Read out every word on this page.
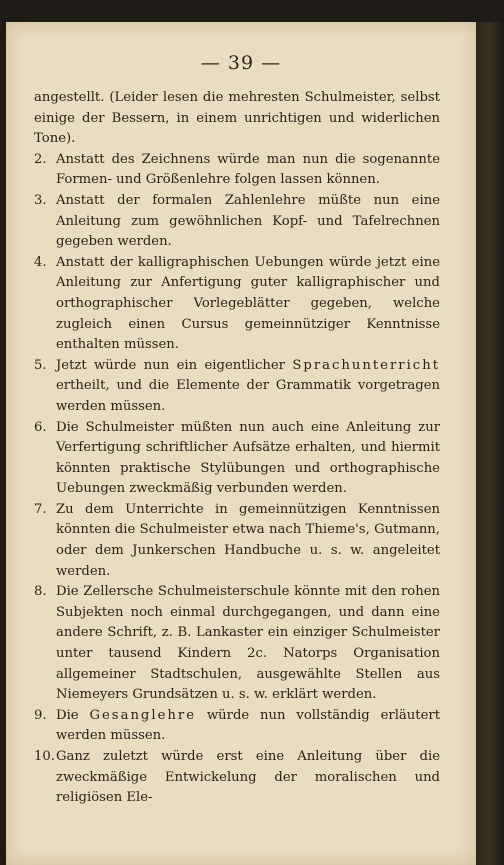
— 39 —

angestellt. (Leider lesen die mehresten Schulmeister, selbst einige der Bessern, in einem unrichtigen und widerlichen Tone).

2. Anstatt des Zeichnens würde man nun die sogenannte Formen- und Größenlehre folgen lassen können.

3. Anstatt der formalen Zahlenlehre müßte nun eine Anleitung zum gewöhnlichen Kopf- und Tafelrechnen gegeben werden.

4. Anstatt der kalligraphischen Uebungen würde jetzt eine Anleitung zur Anfertigung guter kalligraphischer und orthographischer Vorlegeblätter gegeben, welche zugleich einen Cursus gemeinnütziger Kenntnisse enthalten müssen.

5. Jetzt würde nun ein eigentlicher Sprachunterricht ertheilt, und die Elemente der Grammatik vorgetragen werden müssen.

6. Die Schulmeister müßten nun auch eine Anleitung zur Verfertigung schriftlicher Aufsätze erhalten, und hiermit könnten praktische Stylübungen und orthographische Uebungen zweckmäßig verbunden werden.

7. Zu dem Unterrichte in gemeinnützigen Kenntnissen könnten die Schulmeister etwa nach Thieme's, Gutmann, oder dem Junkerschen Handbuche u. s. w. angeleitet werden.

8. Die Zellersche Schulmeisterschule könnte mit den rohen Subjekten noch einmal durchgegangen, und dann eine andere Schrift, z. B. Lankaster ein einziger Schulmeister unter tausend Kindern 2c. Natorps Organisation allgemeiner Stadtschulen, ausgewählte Stellen aus Niemeyers Grundsätzen u. s. w. erklärt werden.

9. Die Gesanglehre würde nun vollständig erläutert werden müssen.

10. Ganz zuletzt würde erst eine Anleitung über die zweckmäßige Entwickelung der moralischen und religiösen Ele-
